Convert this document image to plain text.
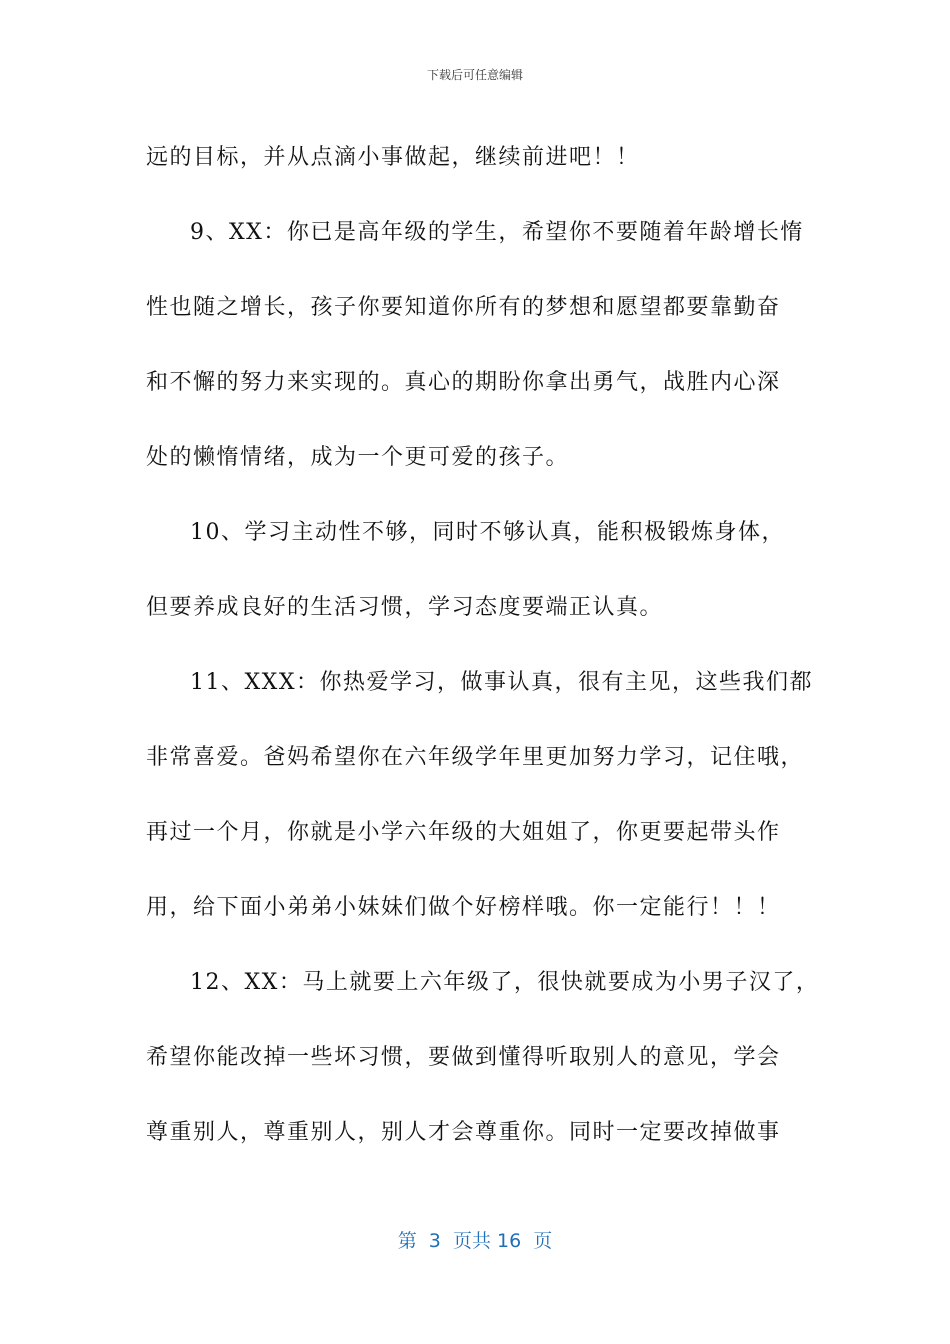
下载后可任意编辑
远的目标，并从点滴小事做起，继续前进吧！！
9、XX：你已是高年级的学生，希望你不要随着年龄增长惰
性也随之增长，孩子你要知道你所有的梦想和愿望都要靠勤奋
和不懈的努力来实现的。真心的期盼你拿出勇气，战胜内心深
处的懒惰情绪，成为一个更可爱的孩子。
10、学习主动性不够，同时不够认真，能积极锻炼身体，
但要养成良好的生活习惯，学习态度要端正认真。
11、XXX：你热爱学习，做事认真，很有主见，这些我们都
非常喜爱。爸妈希望你在六年级学年里更加努力学习，记住哦，
再过一个月，你就是小学六年级的大姐姐了，你更要起带头作
用，给下面小弟弟小妹妹们做个好榜样哦。你一定能行！！！
12、XX：马上就要上六年级了，很快就要成为小男子汉了，
希望你能改掉一些坏习惯，要做到懂得听取别人的意见，学会
尊重别人，尊重别人，别人才会尊重你。同时一定要改掉做事
第  3  页共 16  页
